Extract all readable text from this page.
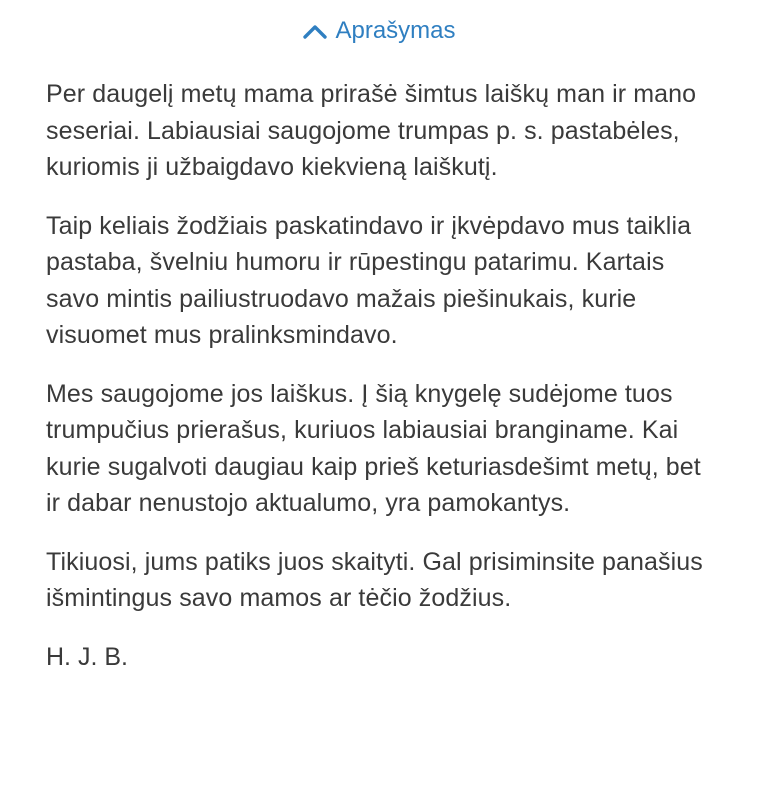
Aprašymas

Per daugelį metų mama prirašė šimtus laiškų man ir mano seseriai. Labiausiai saugojome trumpas p. s. pastabėles, kuriomis ji užbaigdavo kiekvieną laiškutį.

Taip keliais žodžiais paskatindavo ir įkvėpdavo mus taiklia pastaba, švelniu humoru ir rūpestingu patarimu. Kartais savo mintis pailiustruodavo mažais piešinukais, kurie visuomet mus pralinksmindavo.

Mes saugojome jos laiškus. Į šią knygelę sudėjome tuos trumpučius prierašus, kuriuos labiausiai branginame. Kai kurie sugalvoti daugiau kaip prieš keturiasdešimt metų, bet ir dabar nenustojo aktualumo, yra pamokantys.

Tikiuosi, jums patiks juos skaityti. Gal prisiminsite panašius išmintingus savo mamos ar tėčio žodžius.

H. J. B.
